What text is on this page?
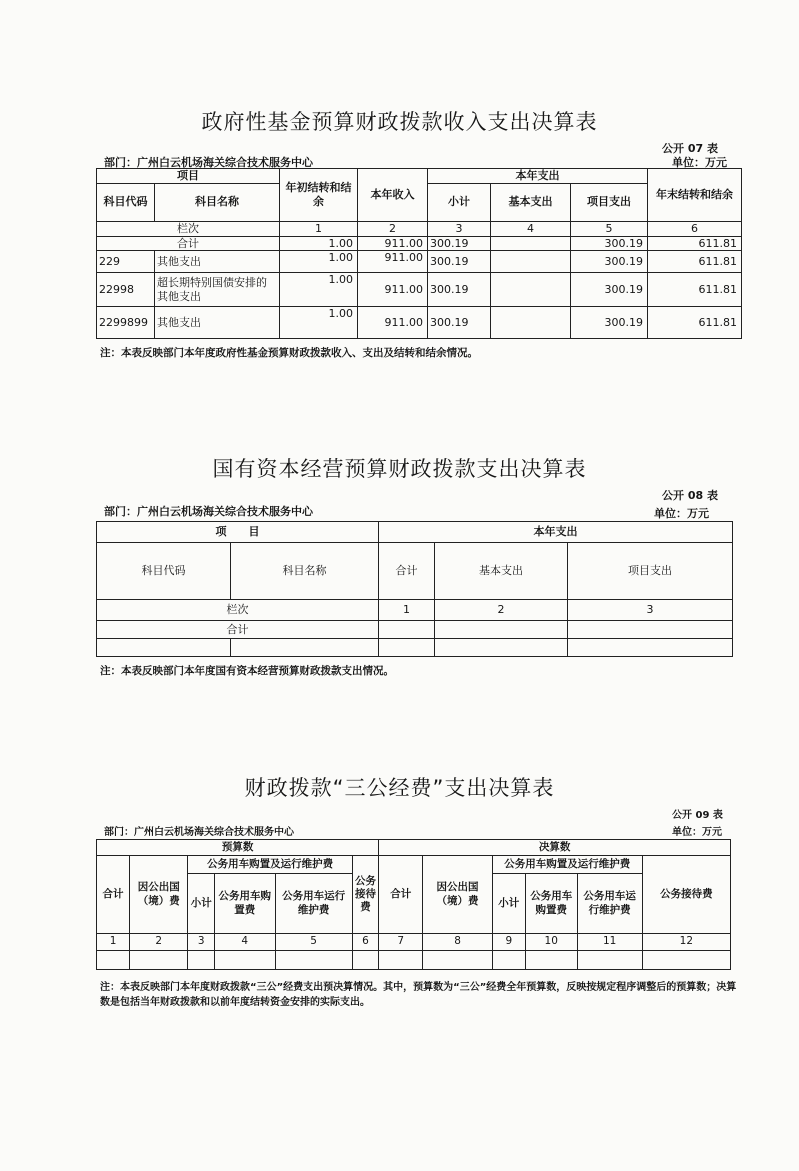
政府性基金预算财政拨款收入支出决算表
公开 07 表
部门：广州白云机场海关综合技术服务中心	单位：万元
项目		年初结转和结余	本年收入	本年支出			年末结转和结余
科目代码	科目名称			小计	基本支出	项目支出	
栏次		1	2	3	4	5	6
合计		1.00	911.00	300.19		300.19	611.81
229	其他支出	1.00	911.00	300.19		300.19	611.81
22998	超长期特别国债安排的其他支出	1.00	911.00	300.19		300.19	611.81
2299899	其他支出	1.00	911.00	300.19		300.19	611.81
注：本表反映部门本年度政府性基金预算财政拨款收入、支出及结转和结余情况。
国有资本经营预算财政拨款支出决算表
公开 08 表
部门：广州白云机场海关综合技术服务中心	单位：万元
项　　目		本年支出		
科目代码	科目名称	合计	基本支出	项目支出
栏次		1	2	3
合计				

注：本表反映部门本年度国有资本经营预算财政拨款支出情况。
财政拨款“三公经费”支出决算表
公开 09 表
部门：广州白云机场海关综合技术服务中心	单位：万元
预算数						决算数					
合计	因公出国（境）费	公务用车购置及运行维护费			公务接待费	合计	因公出国（境）费	公务用车购置及运行维护费			公务接待费
		小计	公务用车购置费	公务用车运行维护费				小计	公务用车购置费	公务用车运行维护费	
1	2	3	4	5	6	7	8	9	10	11	12

注：本表反映部门本年度财政拨款“三公”经费支出预决算情况。其中，预算数为“三公”经费全年预算数，反映按规定程序调整后的预算数；决算数是包括当年财政拨款和以前年度结转资金安排的实际支出。
